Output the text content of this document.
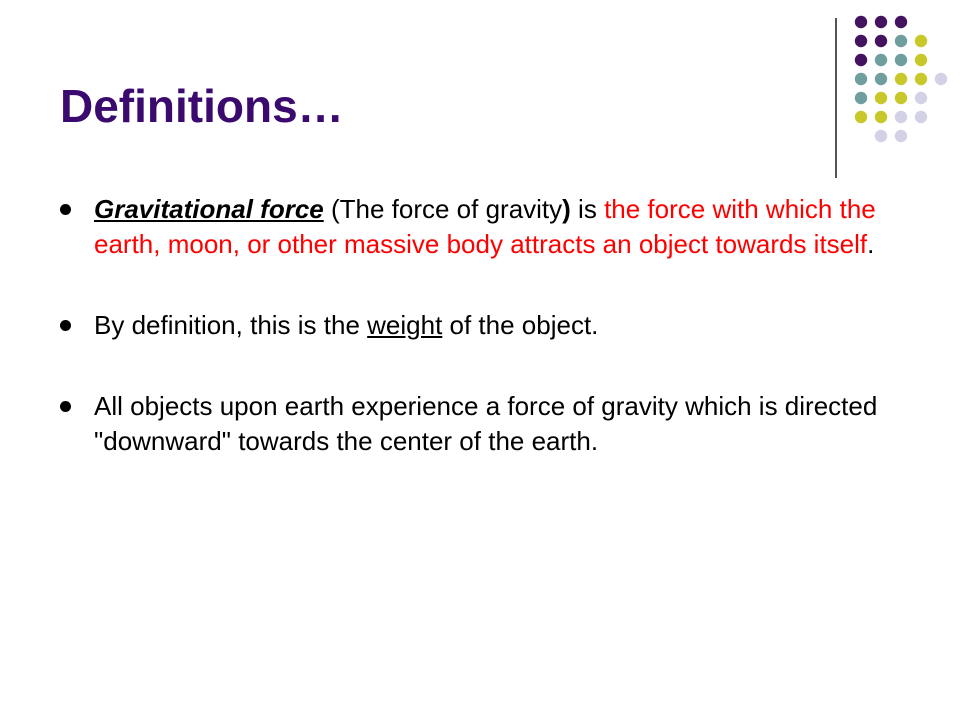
Definitions…
Gravitational force (The force of gravity) is the force with which the earth, moon, or other massive body attracts an object towards itself.
By definition, this is the weight of the object.
All objects upon earth experience a force of gravity which is directed "downward" towards the center of the earth.
